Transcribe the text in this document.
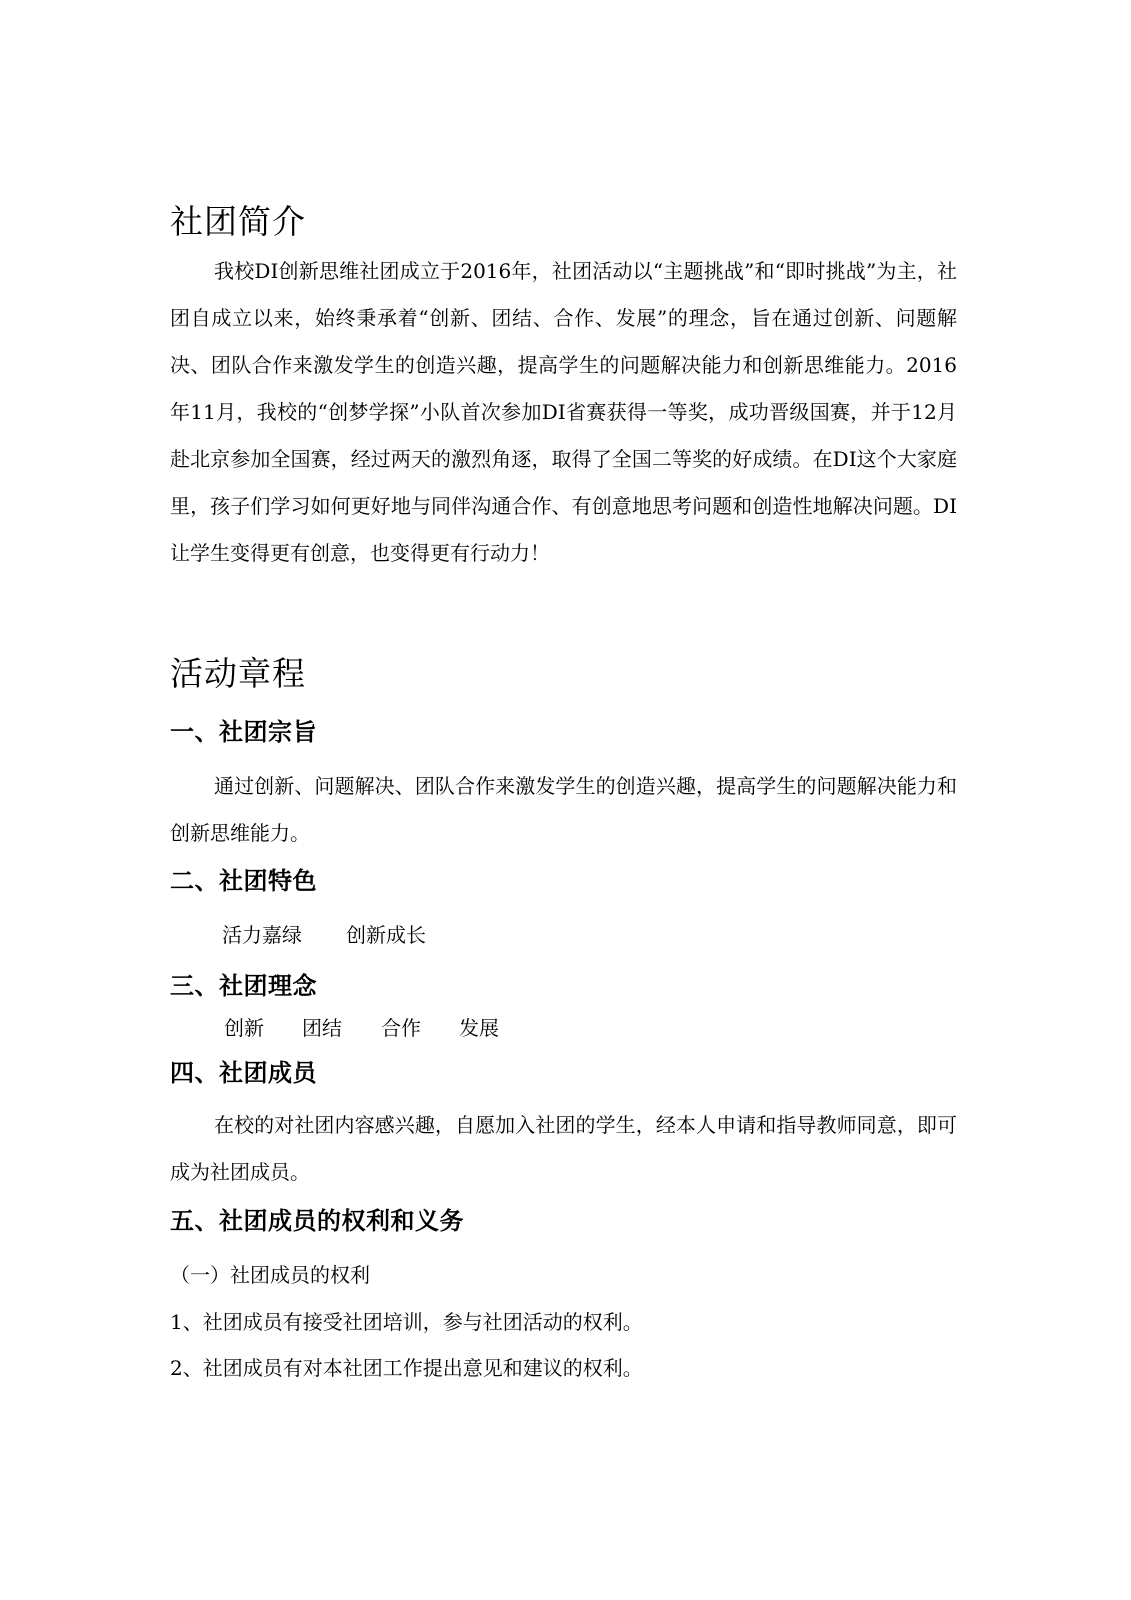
社团简介

我校DI创新思维社团成立于2016年，社团活动以“主题挑战”和“即时挑战”为主，社团自成立以来，始终秉承着“创新、团结、合作、发展”的理念，旨在通过创新、问题解决、团队合作来激发学生的创造兴趣，提高学生的问题解决能力和创新思维能力。2016年11月，我校的“创梦学探”小队首次参加DI省赛获得一等奖，成功晋级国赛，并于12月赴北京参加全国赛，经过两天的激烈角逐，取得了全国二等奖的好成绩。在DI这个大家庭里，孩子们学习如何更好地与同伴沟通合作、有创意地思考问题和创造性地解决问题。DI让学生变得更有创意，也变得更有行动力！

活动章程
一、社团宗旨

通过创新、问题解决、团队合作来激发学生的创造兴趣，提高学生的问题解决能力和创新思维能力。

二、社团特色
活力嘉绿 创新成长
三、社团理念
创新 团结 合作 发展
四、社团成员

在校的对社团内容感兴趣，自愿加入社团的学生，经本人申请和指导教师同意，即可成为社团成员。

五、社团成员的权利和义务

（一）社团成员的权利

1、社团成员有接受社团培训，参与社团活动的权利。

2、社团成员有对本社团工作提出意见和建议的权利。
